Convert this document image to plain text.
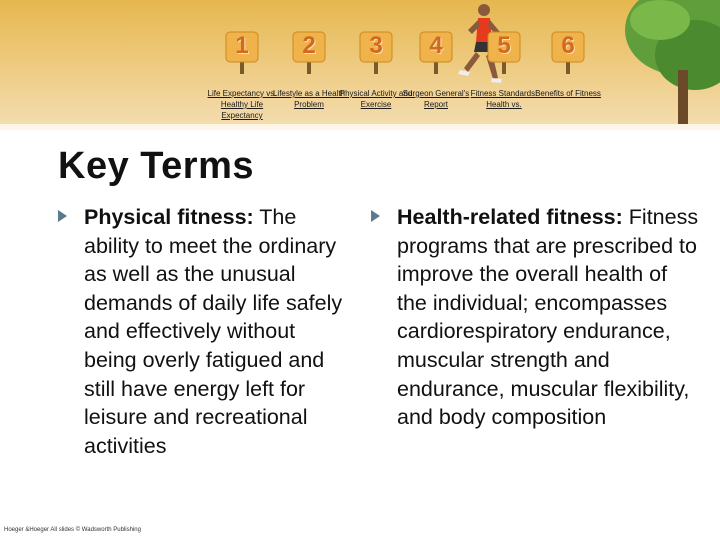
1
Life Expectancy vs. Healthy Life Expectancy
2
Lifestyle as a Health Problem
3
Physical Activity and Exercise
4
Surgeon General's Report
5
Fitness Standards: Health vs.
6
Benefits of Fitness
Key Terms
Physical fitness: The ability to meet the ordinary as well as the unusual demands of daily life safely and effectively without being overly fatigued and still have energy left for leisure and recreational activities
Health-related fitness: Fitness programs that are prescribed to improve the overall health of the individual; encompasses cardiorespiratory endurance, muscular strength and endurance, muscular flexibility, and body composition
Hoeger &Hoeger All slides © Wadsworth Publishing
